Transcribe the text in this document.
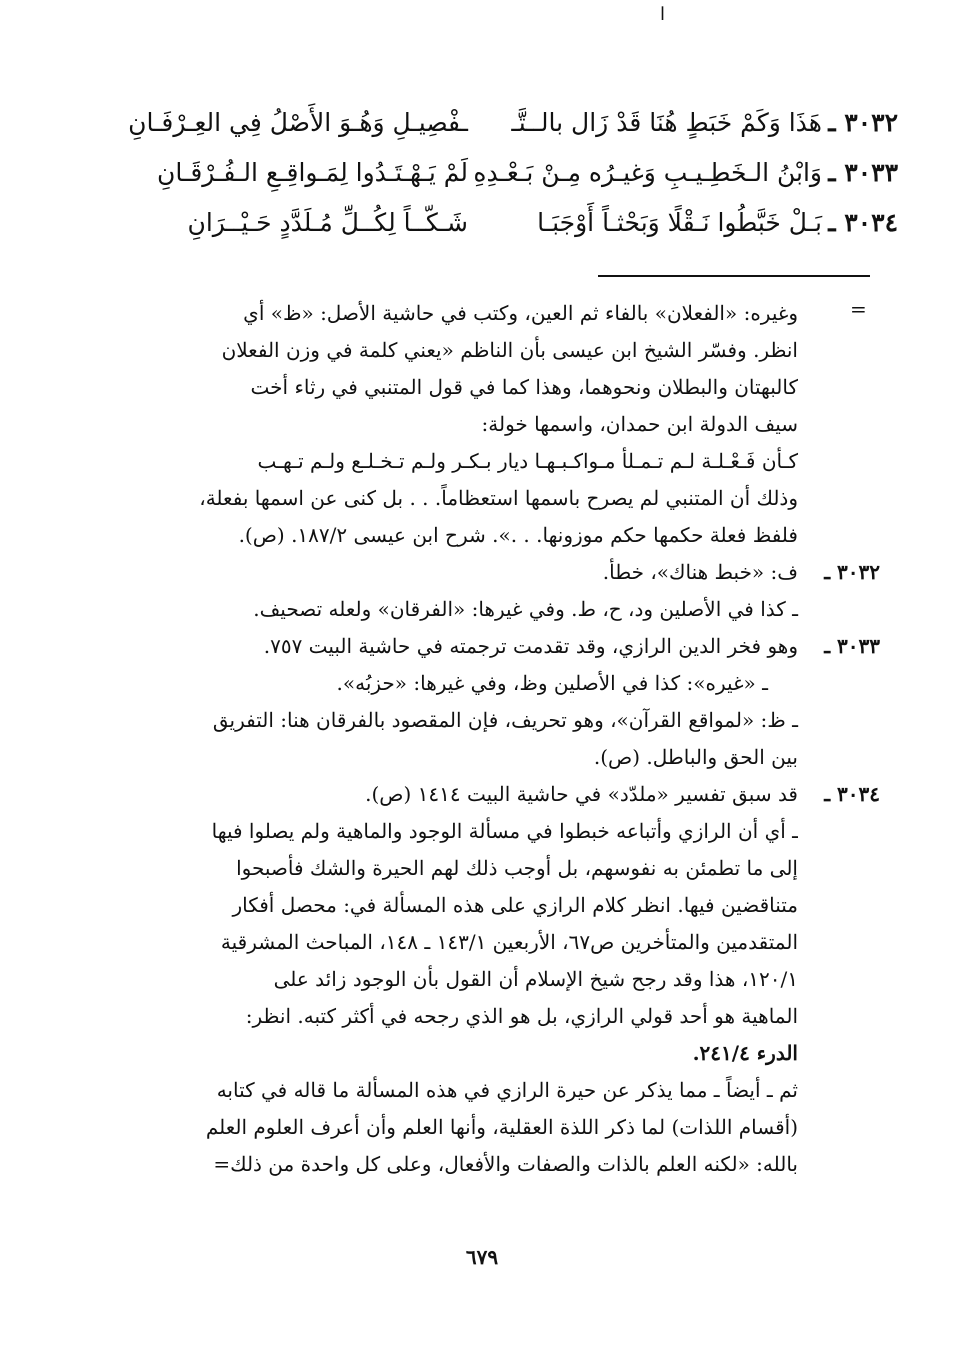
ا
٣٠٣٢ ـ
هَذَا وَكَمْ خَبَطٍ هُنَا قَدْ زَال بالــتَّـ
ـفْصِيـلِ وَهُـوَ الأَصْلُ فِي العِـرْفَـانِ
٣٠٣٣ ـ
وَابْنُ الـخَطِـيـبِ وَغيـرُه مِـنْ بَـعْـدِهِ
لَمْ يَـهْـتَـدُوا لِمَـواقِـعِ الـفُـرْقَـانِ
٣٠٣٤ ـ
بَـلْ خَبَّطُوا نَـقْلًا وَبَحْثـاً أَوْجَبَـا
شَـكّــاً لِكُــلِّ مُـلَدَّدٍ حَـيْــرَانِ
=
وغيره: «الفعلان» بالفاء ثم العين، وكتب في حاشية الأصل: «ظ» أي
انظر. وفسّر الشيخ ابن عيسى بأن الناظم «يعني كلمة في وزن الفعلان
كالبهتان والبطلان ونحوهما، وهذا كما في قول المتنبي في رثاء أخت
سيف الدولة ابن حمدان، واسمها خولة:
كـأن فَـعْـلـة لـم تـمـلأ مـواكـبـهـا ديار بـكـر ولـم تـخـلـع ولـم تـهـب
وذلك أن المتنبي لم يصرح باسمها استعظاماً. . . بل كنى عن اسمها بفعلة،
فلفظ فعلة حكمها حكم موزونها. . .». شرح ابن عيسى ١٨٧/٢. (ص).
٣٠٣٢ ـ
ف: «خبط هناك»، خطأ.
ـ كذا في الأصلين ود، ح، ط. وفي غيرها: «الفرقان» ولعله تصحيف.
٣٠٣٣ ـ
وهو فخر الدين الرازي، وقد تقدمت ترجمته في حاشية البيت ٧٥٧.
ـ «غيره»: كذا في الأصلين وظ، وفي غيرها: «حزبُه».
ـ ظ: «لمواقع القرآن»، وهو تحريف، فإن المقصود بالفرقان هنا: التفريق
بين الحق والباطل. (ص).
٣٠٣٤ ـ
قد سبق تفسير «ملدّد» في حاشية البيت ١٤١٤ (ص).
ـ أي أن الرازي وأتباعه خبطوا في مسألة الوجود والماهية ولم يصلوا فيها
إلى ما تطمئن به نفوسهم، بل أوجب ذلك لهم الحيرة والشك فأصبحوا
متناقضين فيها. انظر كلام الرازي على هذه المسألة في: محصل أفكار
المتقدمين والمتأخرين ص٦٧، الأربعين ١٤٣/١ ـ ١٤٨، المباحث المشرقية
١٢٠/١، هذا وقد رجح شيخ الإسلام أن القول بأن الوجود زائد على
الماهية هو أحد قولي الرازي، بل هو الذي رجحه في أكثر كتبه. انظر:
الدرء ٢٤١/٤.
ثم ـ أيضاً ـ مما يذكر عن حيرة الرازي في هذه المسألة ما قاله في كتابه
(أقسام اللذات) لما ذكر اللذة العقلية، وأنها العلم وأن أعرف العلوم العلم
بالله: «لكنه العلم بالذات والصفات والأفعال، وعلى كل واحدة من ذلك=
٦٧٩
